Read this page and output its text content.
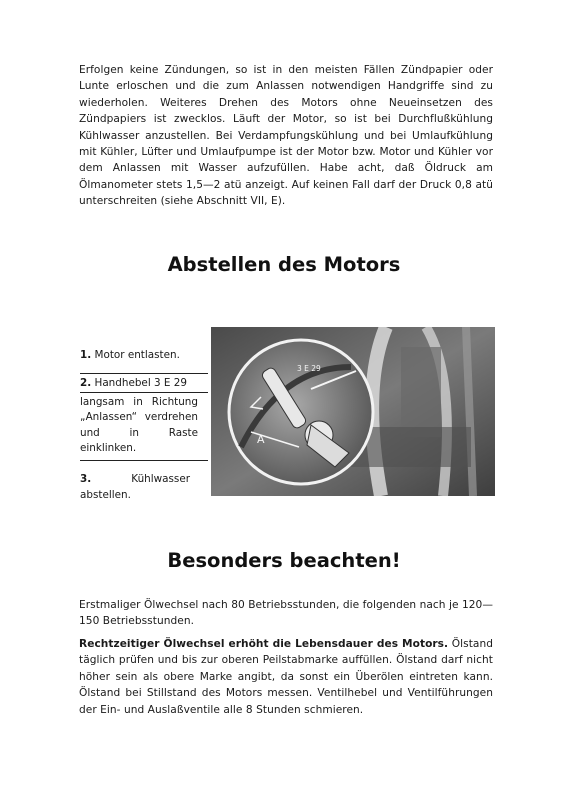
Erfolgen keine Zündungen, so ist in den meisten Fällen Zündpapier oder Lunte erloschen und die zum Anlassen notwendigen Handgriffe sind zu wiederholen. Weiteres Drehen des Motors ohne Neueinsetzen des Zündpapiers ist zwecklos. Läuft der Motor, so ist bei Durchflußkühlung Kühlwasser anzustellen. Bei Verdampfungskühlung und bei Umlaufkühlung mit Kühler, Lüfter und Umlaufpumpe ist der Motor bzw. Motor und Kühler vor dem Anlassen mit Wasser aufzufüllen. Habe acht, daß Öldruck am Ölmanometer stets 1,5—2 atü anzeigt. Auf keinen Fall darf der Druck 0,8 atü unterschreiten (siehe Abschnitt VII, E).

Abstellen des Motors
1. Motor entlasten.
2. Handhebel 3 E 29
langsam in Richtung „Anlassen“ verdrehen und in Raste einklinken.
3.	Kühlwasser abstellen.
3 E 29
A
Besonders beachten!

Erstmaliger Ölwechsel nach 80 Betriebsstunden, die folgenden nach je 120—150 Betriebsstunden.

Rechtzeitiger Ölwechsel erhöht die Lebensdauer des Motors. Ölstand täglich prüfen und bis zur oberen Peilstabmarke auffüllen. Ölstand darf nicht höher sein als obere Marke angibt, da sonst ein Überölen eintreten kann. Ölstand bei Stillstand des Motors messen. Ventilhebel und Ventilführungen der Ein- und Auslaßventile alle 8 Stunden schmieren.
